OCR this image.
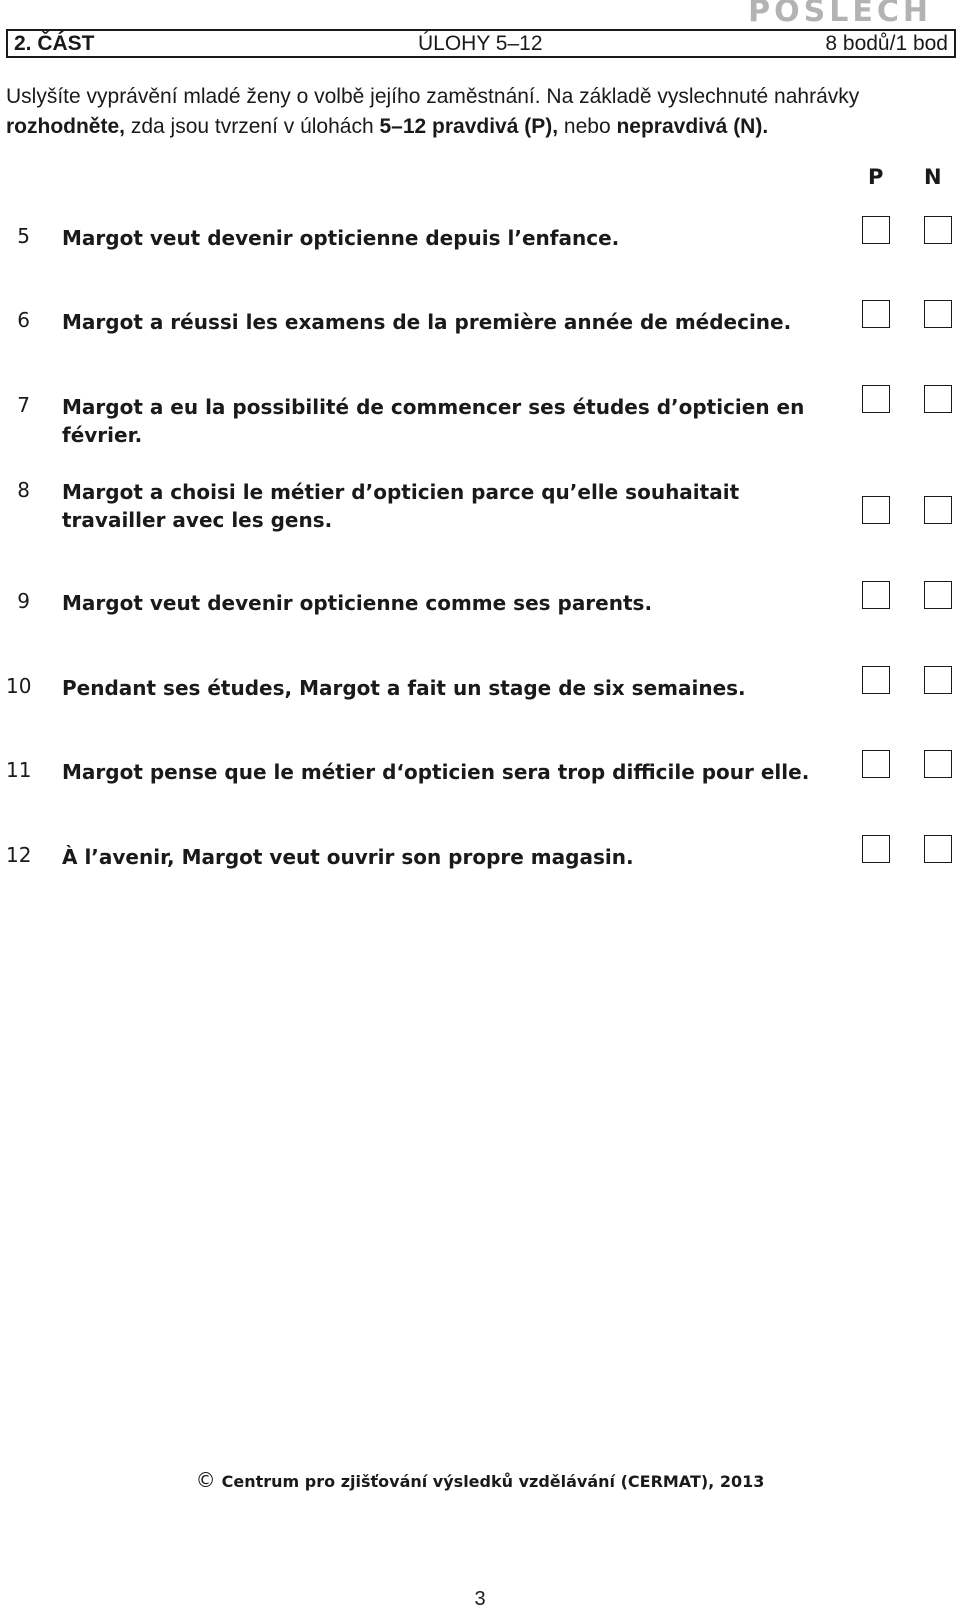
POSLECH
2. ČÁST	ÚLOHY 5–12	8 bodů/1 bod
Uslyšíte vyprávění mladé ženy o volbě jejího zaměstnání. Na základě vyslechnuté nahrávky
rozhodněte, zda jsou tvrzení v úlohách 5–12 pravdivá (P), nebo nepravdivá (N).
P N
5 Margot veut devenir opticienne depuis l’enfance.
6 Margot a réussi les examens de la première année de médecine.
7 Margot a eu la possibilité de commencer ses études d’opticien en février.
8 Margot a choisi le métier d’opticien parce qu’elle souhaitait travailler avec les gens.
9 Margot veut devenir opticienne comme ses parents.
10 Pendant ses études, Margot a fait un stage de six semaines.
11 Margot pense que le métier d‘opticien sera trop difficile pour elle.
12 À l’avenir, Margot veut ouvrir son propre magasin.
© Centrum pro zjišťování výsledků vzdělávání (CERMAT), 2013
3
